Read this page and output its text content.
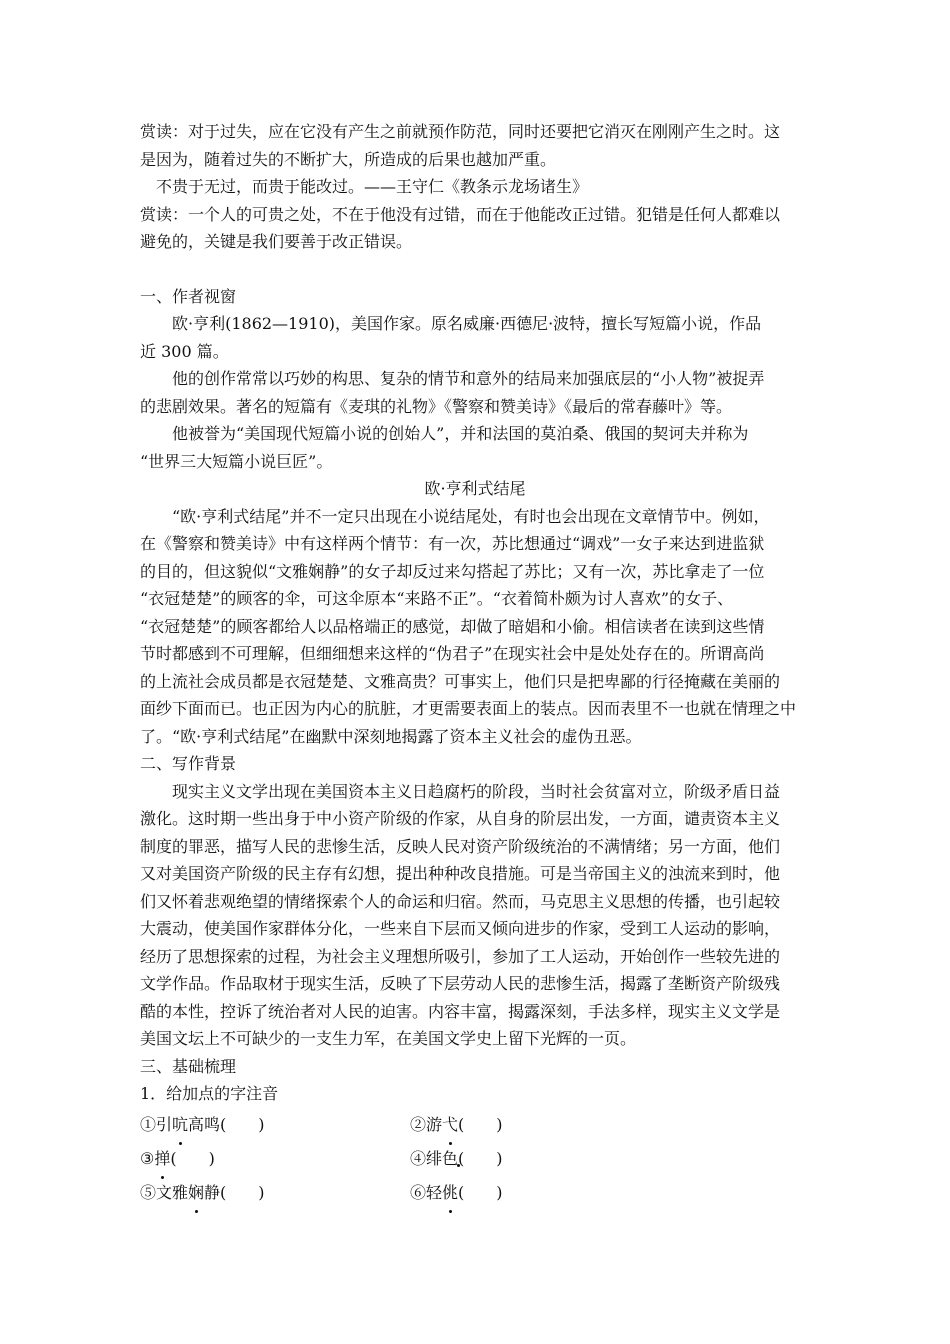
赏读：对于过失，应在它没有产生之前就预作防范，同时还要把它消灭在刚刚产生之时。这

是因为，随着过失的不断扩大，所造成的后果也越加严重。

不贵于无过，而贵于能改过。——王守仁《教条示龙场诸生》

赏读：一个人的可贵之处，不在于他没有过错，而在于他能改正过错。犯错是任何人都难以

避免的，关键是我们要善于改正错误。

一、作者视窗

欧·亨利(1862—1910)，美国作家。原名威廉·西德尼·波特，擅长写短篇小说，作品

近 300 篇。

他的创作常常以巧妙的构思、复杂的情节和意外的结局来加强底层的“小人物”被捉弄

的悲剧效果。著名的短篇有《麦琪的礼物》《警察和赞美诗》《最后的常春藤叶》等。

他被誉为“美国现代短篇小说的创始人”，并和法国的莫泊桑、俄国的契诃夫并称为

“世界三大短篇小说巨匠”。

欧·亨利式结尾

“欧·亨利式结尾”并不一定只出现在小说结尾处，有时也会出现在文章情节中。例如，

在《警察和赞美诗》中有这样两个情节：有一次，苏比想通过“调戏”一女子来达到进监狱

的目的，但这貌似“文雅娴静”的女子却反过来勾搭起了苏比；又有一次，苏比拿走了一位

“衣冠楚楚”的顾客的伞，可这伞原本“来路不正”。“衣着简朴颇为讨人喜欢”的女子、

“衣冠楚楚”的顾客都给人以品格端正的感觉，却做了暗娼和小偷。相信读者在读到这些情

节时都感到不可理解，但细细想来这样的“伪君子”在现实社会中是处处存在的。所谓高尚

的上流社会成员都是衣冠楚楚、文雅高贵？可事实上，他们只是把卑鄙的行径掩藏在美丽的

面纱下面而已。也正因为内心的肮脏，才更需要表面上的装点。因而表里不一也就在情理之中

了。“欧·亨利式结尾”在幽默中深刻地揭露了资本主义社会的虚伪丑恶。

二、写作背景

现实主义文学出现在美国资本主义日趋腐朽的阶段，当时社会贫富对立，阶级矛盾日益

激化。这时期一些出身于中小资产阶级的作家，从自身的阶层出发，一方面，谴责资本主义

制度的罪恶，描写人民的悲惨生活，反映人民对资产阶级统治的不满情绪；另一方面，他们

又对美国资产阶级的民主存有幻想，提出种种改良措施。可是当帝国主义的浊流来到时，他

们又怀着悲观绝望的情绪探索个人的命运和归宿。然而，马克思主义思想的传播，也引起较

大震动，使美国作家群体分化，一些来自下层而又倾向进步的作家，受到工人运动的影响，

经历了思想探索的过程，为社会主义理想所吸引，参加了工人运动，开始创作一些较先进的

文学作品。作品取材于现实生活，反映了下层劳动人民的悲惨生活，揭露了垄断资产阶级残

酷的本性，控诉了统治者对人民的迫害。内容丰富，揭露深刻，手法多样，现实主义文学是

美国文坛上不可缺少的一支生力军，在美国文学史上留下光辉的一页。

三、基础梳理

1．给加点的字注音

①引吭高鸣(　　)	②游弋(　　)
③掸(　　)	④绯色(　　)
⑤文雅娴静(　　)	⑥轻佻(　　)
